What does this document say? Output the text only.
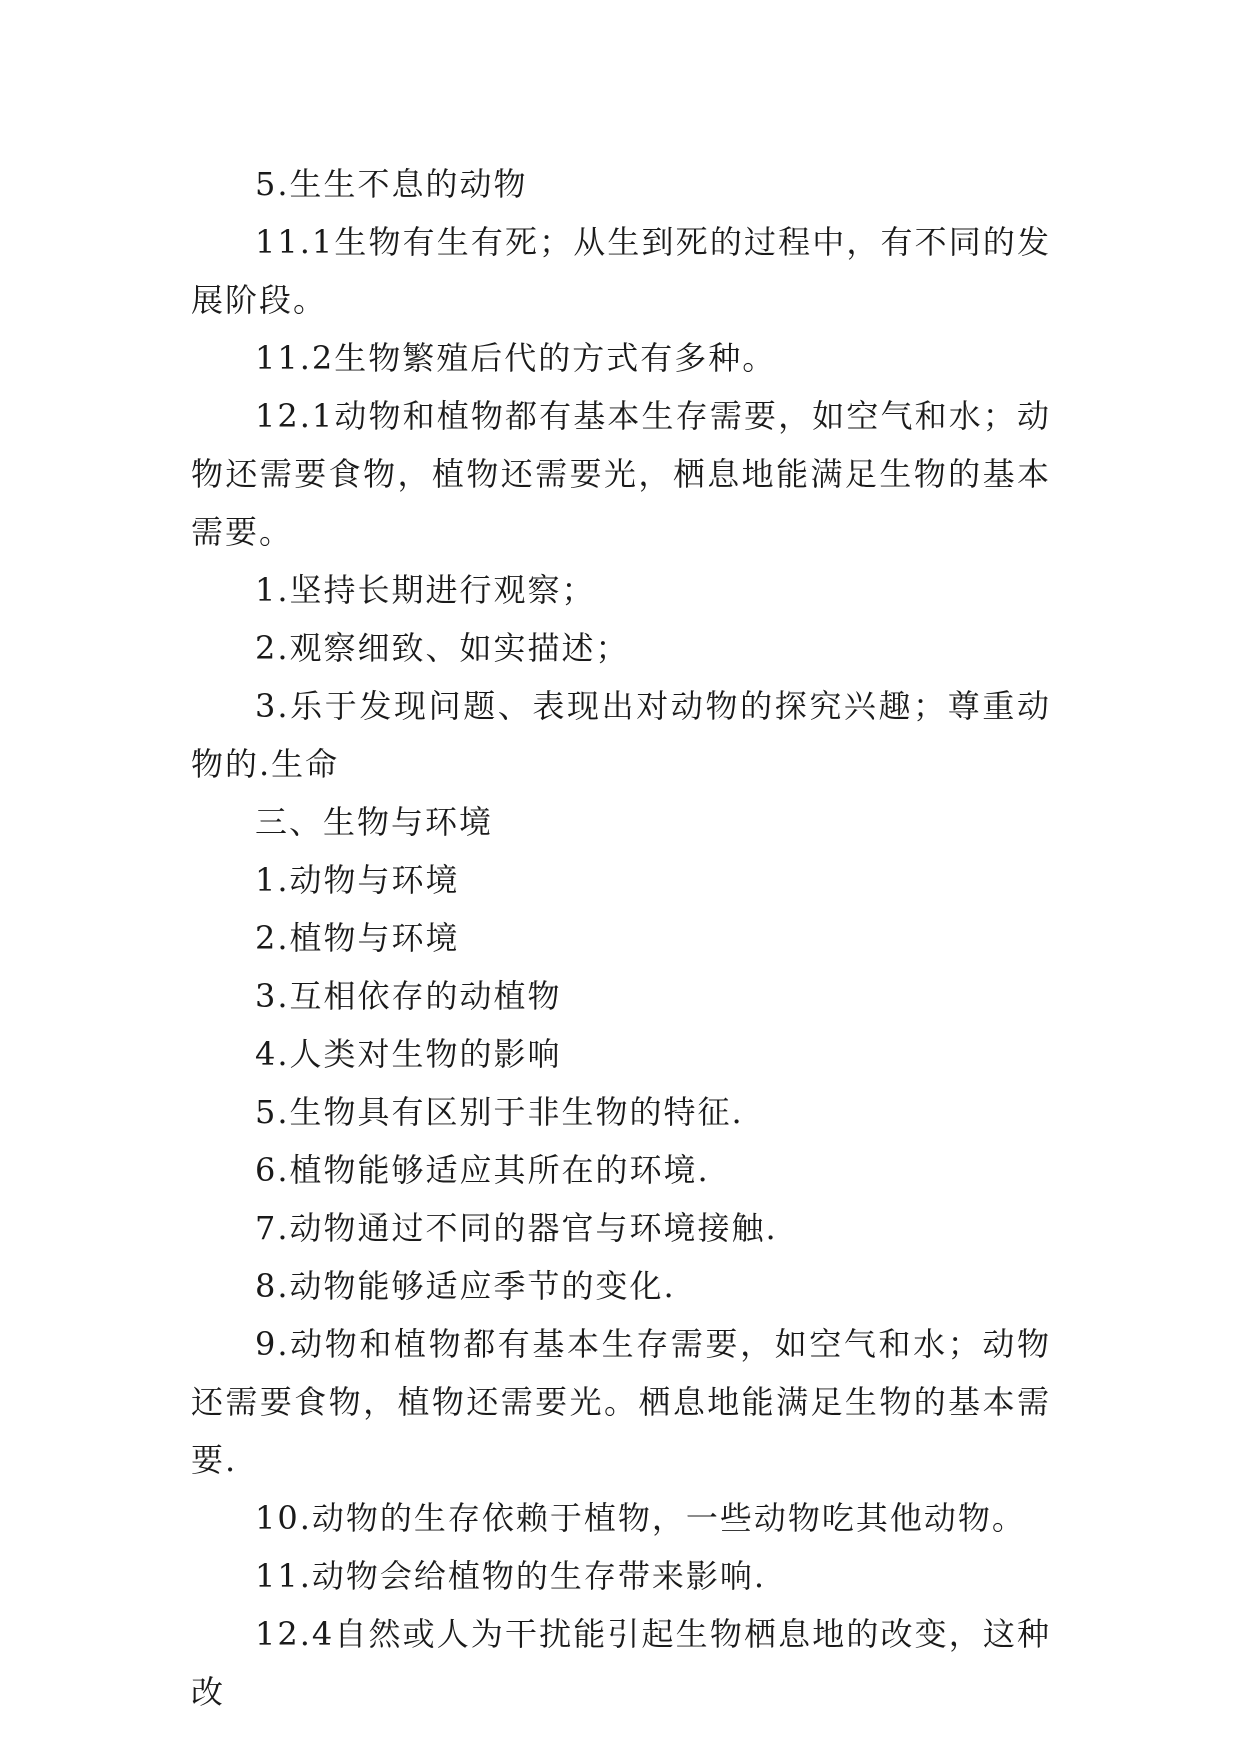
5.生生不息的动物

11.1生物有生有死；从生到死的过程中，有不同的发展阶段。

11.2生物繁殖后代的方式有多种。

12.1动物和植物都有基本生存需要，如空气和水；动物还需要食物，植物还需要光，栖息地能满足生物的基本需要。

1.坚持长期进行观察；

2.观察细致、如实描述；

3.乐于发现问题、表现出对动物的探究兴趣；尊重动物的.生命

三、生物与环境

1.动物与环境

2.植物与环境

3.互相依存的动植物

4.人类对生物的影响

5.生物具有区别于非生物的特征.

6.植物能够适应其所在的环境.

7.动物通过不同的器官与环境接触.

8.动物能够适应季节的变化.

9.动物和植物都有基本生存需要，如空气和水；动物还需要食物，植物还需要光。栖息地能满足生物的基本需要.

10.动物的生存依赖于植物，一些动物吃其他动物。

11.动物会给植物的生存带来影响.

12.4自然或人为干扰能引起生物栖息地的改变，这种改
